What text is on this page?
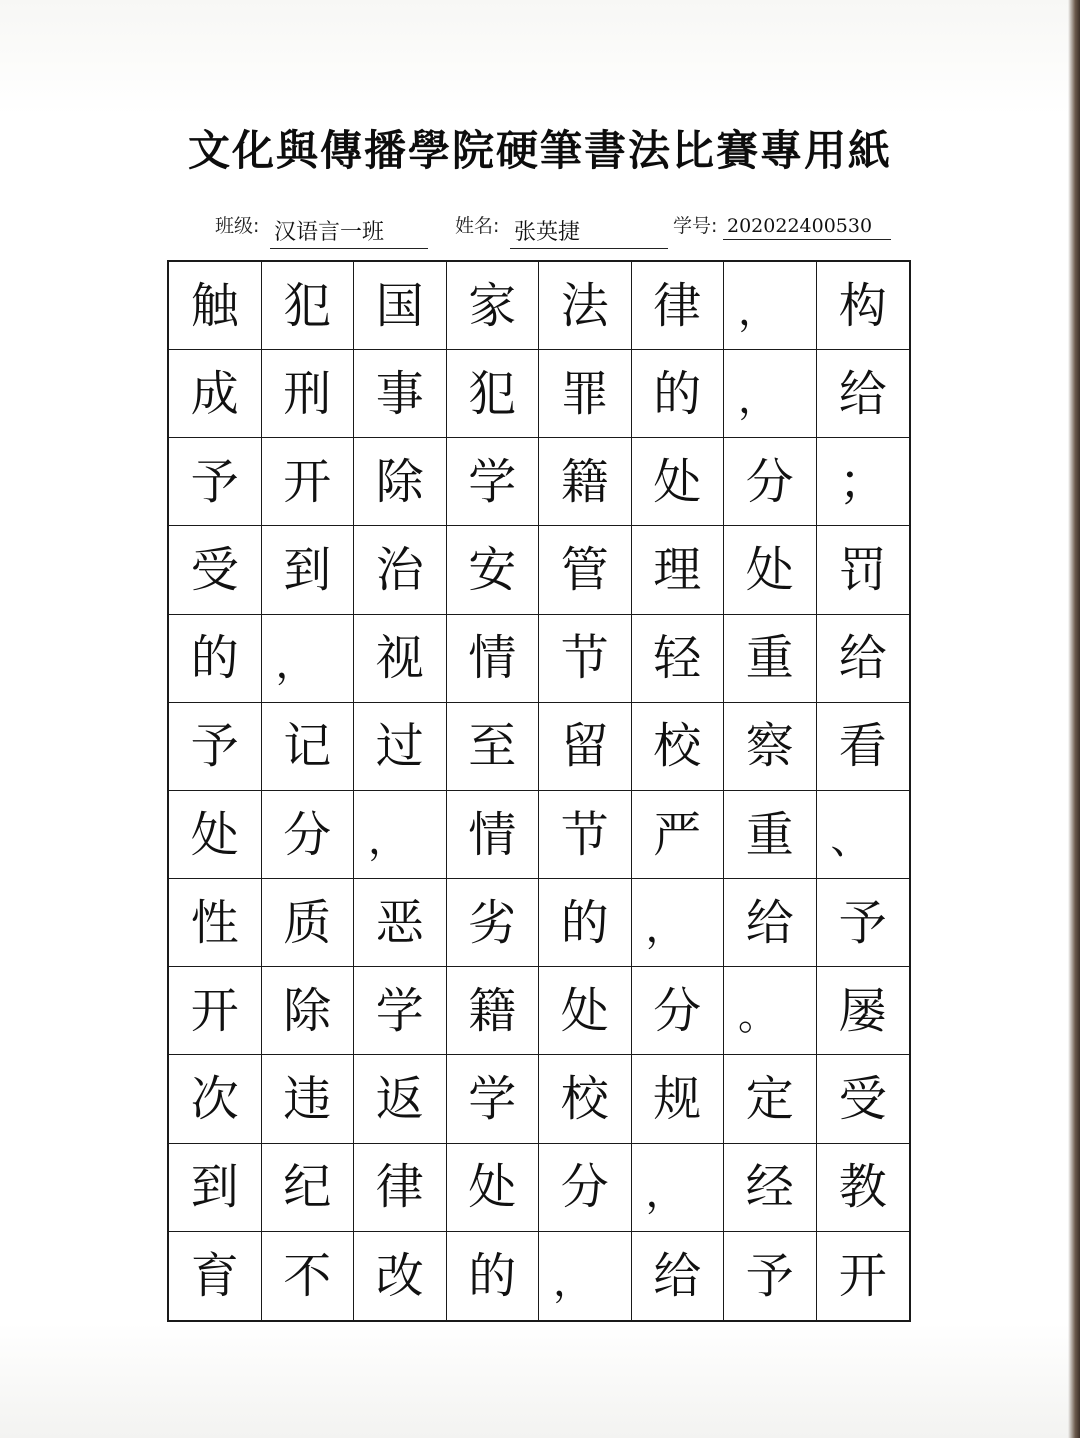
文化與傳播學院硬筆書法比賽專用紙
班级: 汉语言一班	姓名: 张英捷	学号: 202022400530
触 犯 国 家 法 律 ，	构
成 刑 事 犯 罪 的 ，	给
予 开 除 学 籍 处 分 ；
受 到 治 安 管 理 处 罚
的 ，	视 情 节 轻 重 给
予 记 过 至 留 校 察 看
处 分 ，	情 节 严 重 、
性 质 恶 劣 的 ，	给 予
开 除 学 籍 处 分 。	屡
次 违 返 学 校 规 定 受
到 纪 律 处 分 ，	经 教
育 不 改 的 ，	给 予 开
